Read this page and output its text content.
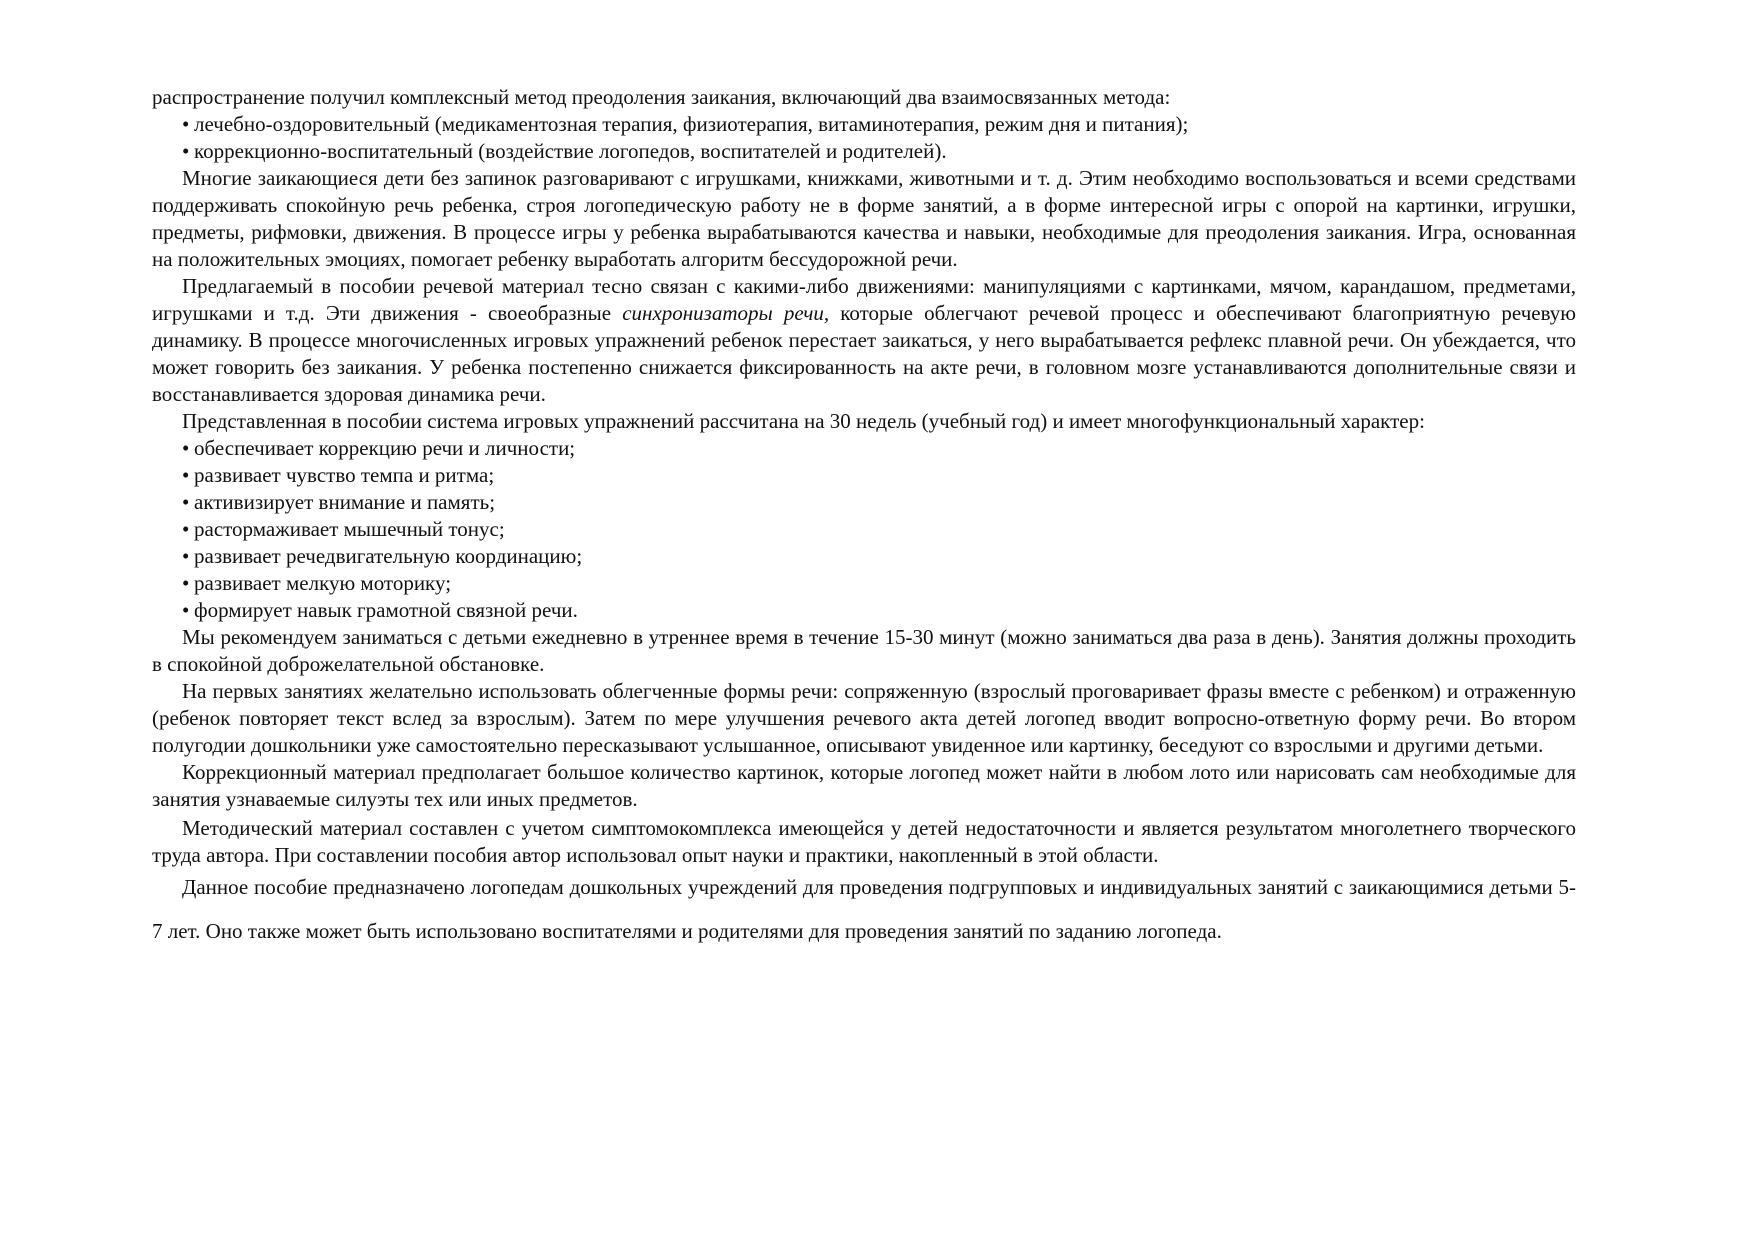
распространение получил комплексный метод преодоления заикания, включающий два взаимосвязанных метода:

• лечебно-оздоровительный (медикаментозная терапия, физиотерапия, витаминотерапия, режим дня и питания);

• коррекционно-воспитательный (воздействие логопедов, воспитателей и родителей).

Многие заикающиеся дети без запинок разговаривают с игрушками, книжками, животными и т. д. Этим необходимо воспользоваться и всеми средствами поддерживать спокойную речь ребенка, строя логопедическую работу не в форме занятий, а в форме интересной игры с опорой на картинки, игрушки, предметы, рифмовки, движения. В процессе игры у ребенка вырабатываются качества и навыки, необходимые для преодоления заикания. Игра, основанная на положительных эмоциях, помогает ребенку выработать алгоритм бессудорожной речи.

Предлагаемый в пособии речевой материал тесно связан с какими-либо движениями: манипуляциями с картинками, мячом, карандашом, предметами, игрушками и т.д. Эти движения - своеобразные синхронизаторы речи, которые облегчают речевой процесс и обеспечивают благоприятную речевую динамику. В процессе многочисленных игровых упражнений ребенок перестает заикаться, у него вырабатывается рефлекс плавной речи. Он убеждается, что может говорить без заикания. У ребенка постепенно снижается фиксированность на акте речи, в головном мозге устанавливаются дополнительные связи и восстанавливается здоровая динамика речи.

Представленная в пособии система игровых упражнений рассчитана на 30 недель (учебный год) и имеет многофункциональный характер:

• обеспечивает коррекцию речи и личности;

• развивает чувство темпа и ритма;

• активизирует внимание и память;

• растормаживает мышечный тонус;

• развивает речедвигательную координацию;

• развивает мелкую моторику;

• формирует навык грамотной связной речи.

Мы рекомендуем заниматься с детьми ежедневно в утреннее время в течение 15-30 минут (можно заниматься два раза в день). Занятия должны проходить в спокойной доброжелательной обстановке.

На первых занятиях желательно использовать облегченные формы речи: сопряженную (взрослый проговаривает фразы вместе с ребенком) и отраженную (ребенок повторяет текст вслед за взрослым). Затем по мере улучшения речевого акта детей логопед вводит вопросно-ответную форму речи. Во втором полугодии дошкольники уже самостоятельно пересказывают услышанное, описывают увиденное или картинку, беседуют со взрослыми и другими детьми.

Коррекционный материал предполагает большое количество картинок, которые логопед может найти в любом лото или нарисовать сам необходимые для занятия узнаваемые силуэты тех или иных предметов.

Методический материал составлен с учетом симптомокомплекса имеющейся у детей недостаточности и является результатом многолетнего творческого труда автора. При составлении пособия автор использовал опыт науки и практики, накопленный в этой области.

Данное пособие предназначено логопедам дошкольных учреждений для проведения подгрупповых и индивидуальных занятий с заикающимися детьми 5-7 лет. Оно также может быть использовано воспитателями и родителями для проведения занятий по заданию логопеда.
